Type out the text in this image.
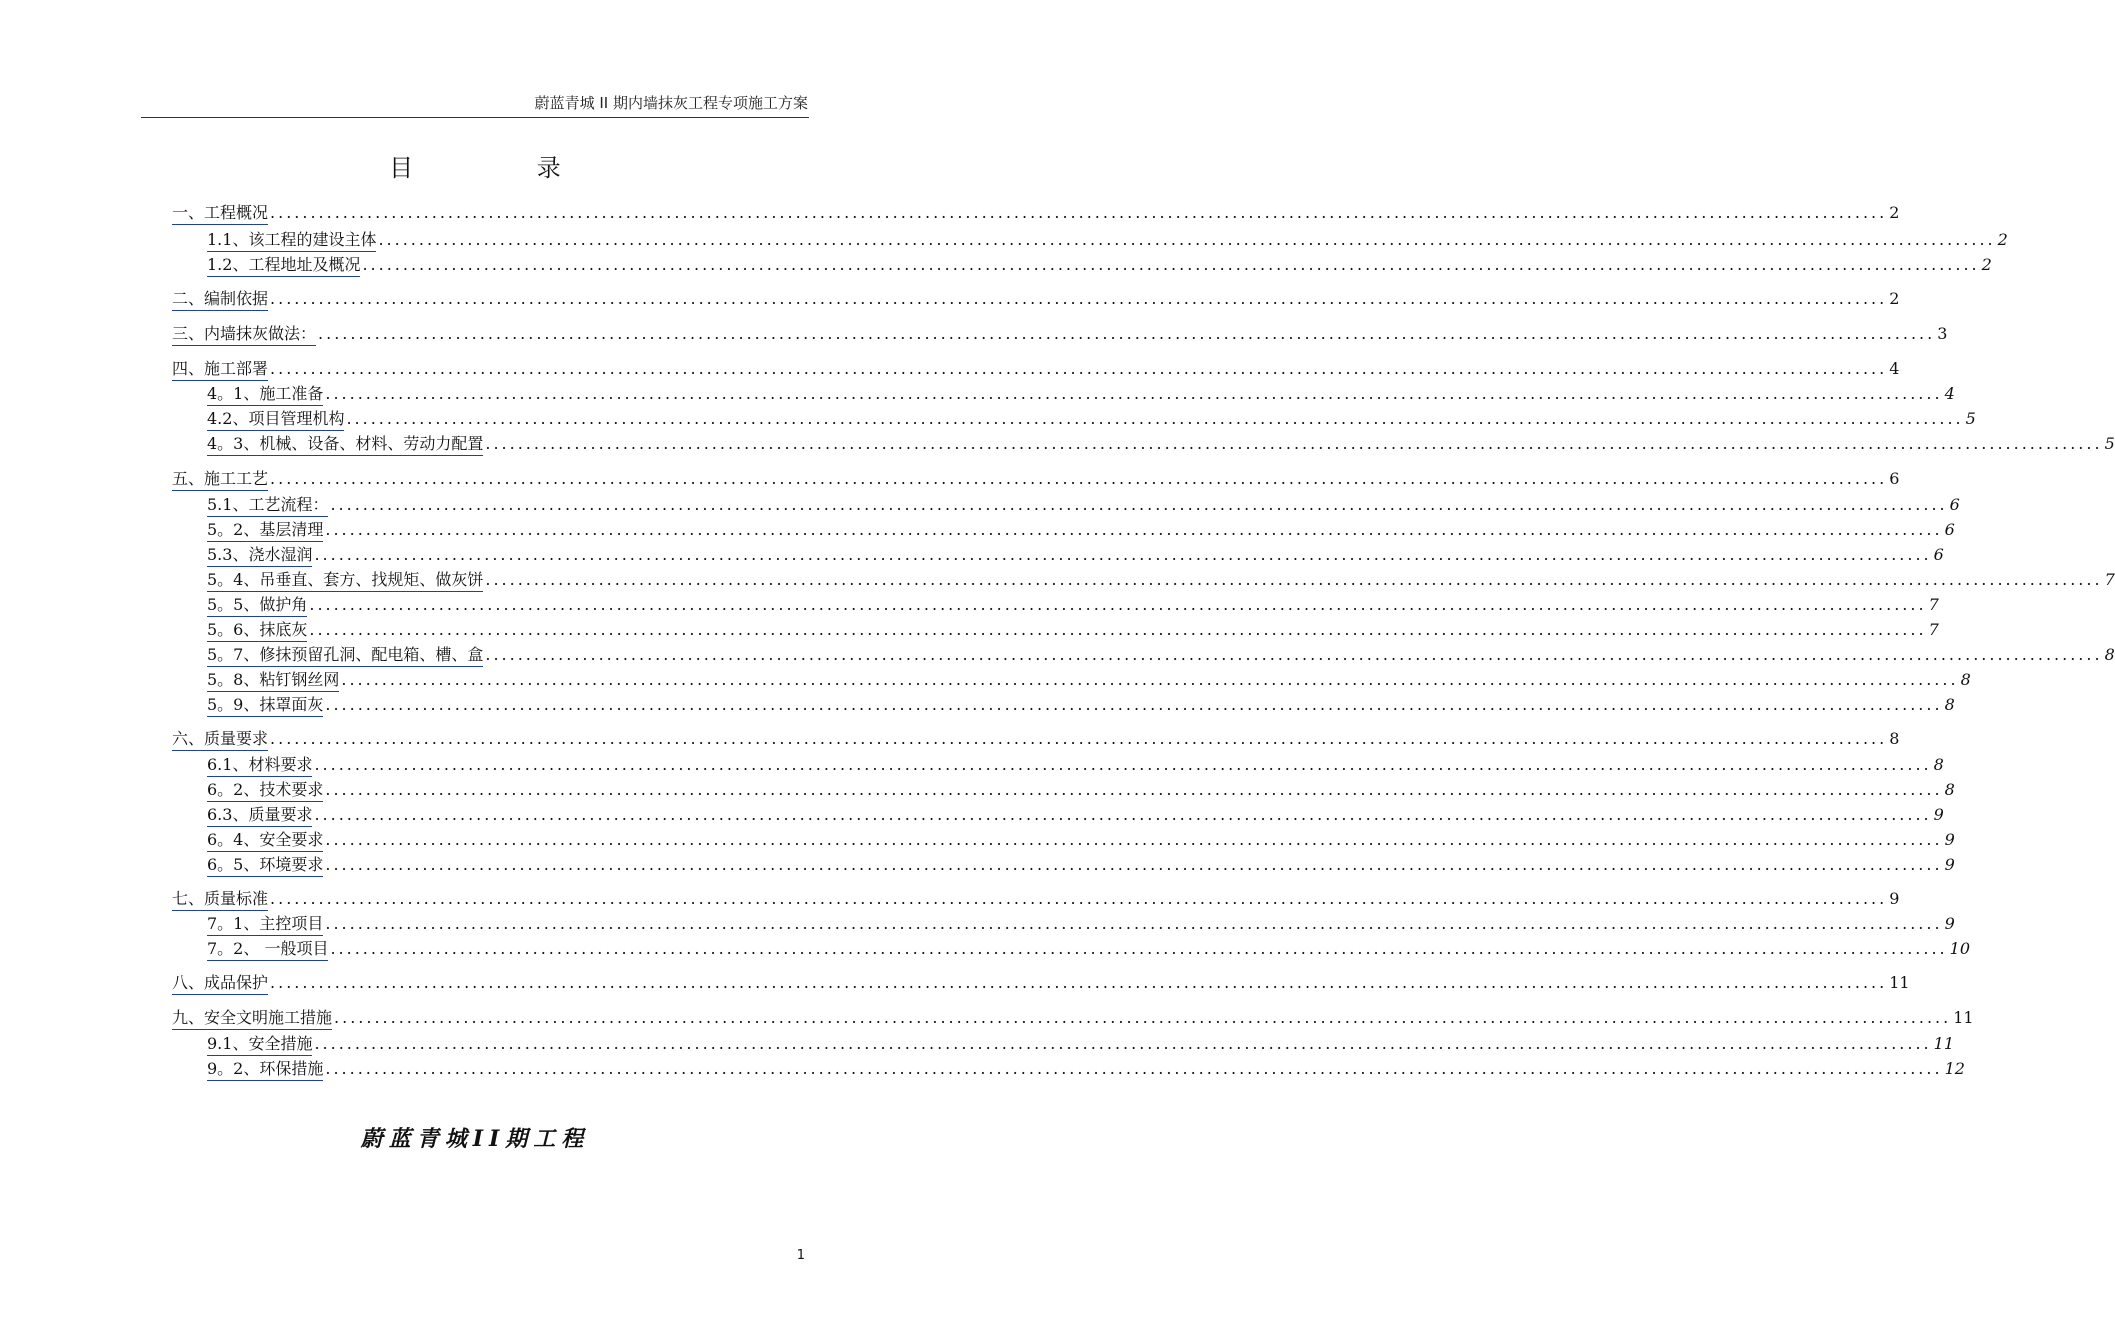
蔚蓝青城 II 期内墙抹灰工程专项施工方案
目 录
一、工程概况 ........................................................................................................................................................................................................ 2
1.1、该工程的建设主体 ........................................................................................................................................................................................................ 2
1.2、工程地址及概况 ........................................................................................................................................................................................................ 2
二、编制依据 ........................................................................................................................................................................................................ 2
三、内墙抹灰做法： ........................................................................................................................................................................................................ 3
四、施工部署 ........................................................................................................................................................................................................ 4
4。1、施工准备 ........................................................................................................................................................................................................ 4
4.2、项目管理机构 ........................................................................................................................................................................................................ 5
4。3、机械、设备、材料、劳动力配置 ........................................................................................................................................................................................................ 5
五、施工工艺 ........................................................................................................................................................................................................ 6
5.1、工艺流程： ........................................................................................................................................................................................................ 6
5。2、基层清理 ........................................................................................................................................................................................................ 6
5.3、浇水湿润 ........................................................................................................................................................................................................ 6
5。4、吊垂直、套方、找规矩、做灰饼 ........................................................................................................................................................................................................ 7
5。5、做护角 ........................................................................................................................................................................................................ 7
5。6、抹底灰 ........................................................................................................................................................................................................ 7
5。7、修抹预留孔洞、配电箱、槽、盒 ........................................................................................................................................................................................................ 8
5。8、粘钉钢丝网 ........................................................................................................................................................................................................ 8
5。9、抹罩面灰 ........................................................................................................................................................................................................ 8
六、质量要求 ........................................................................................................................................................................................................ 8
6.1、材料要求 ........................................................................................................................................................................................................ 8
6。2、技术要求 ........................................................................................................................................................................................................ 8
6.3、质量要求 ........................................................................................................................................................................................................ 9
6。4、安全要求 ........................................................................................................................................................................................................ 9
6。5、环境要求 ........................................................................................................................................................................................................ 9
七、质量标准 ........................................................................................................................................................................................................ 9
7。1、主控项目 ........................................................................................................................................................................................................ 9
7。2、 一般项目 ........................................................................................................................................................................................................ 10
八、成品保护 ........................................................................................................................................................................................................ 11
九、安全文明施工措施 ........................................................................................................................................................................................................ 11
9.1、安全措施 ........................................................................................................................................................................................................ 11
9。2、环保措施 ........................................................................................................................................................................................................ 12
蔚蓝青城II期工程
1
